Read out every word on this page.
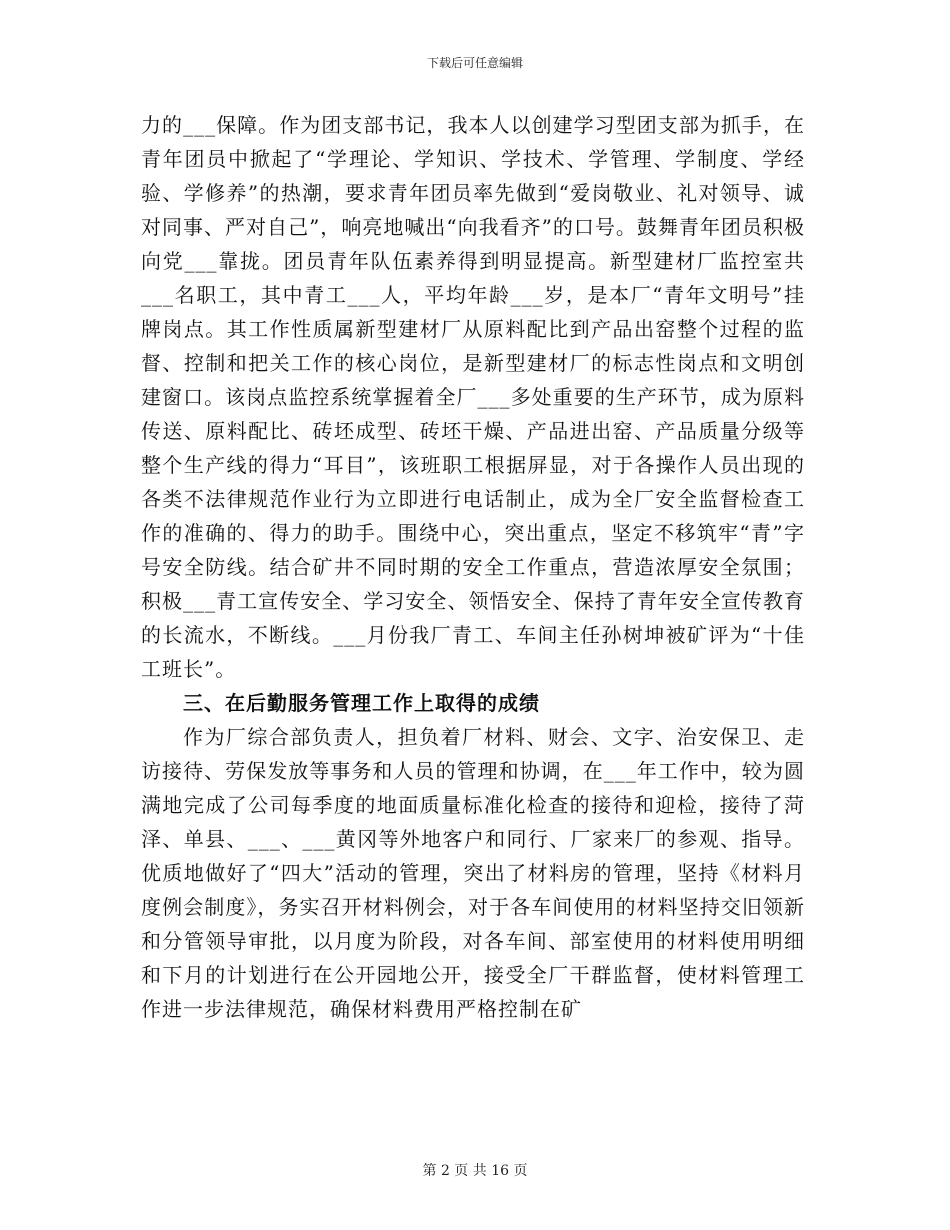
下载后可任意编辑

力的___保障。作为团支部书记，我本人以创建学习型团支部为抓手，在青年团员中掀起了“学理论、学知识、学技术、学管理、学制度、学经验、学修养”的热潮，要求青年团员率先做到“爱岗敬业、礼对领导、诚对同事、严对自己”，响亮地喊出“向我看齐”的口号。鼓舞青年团员积极向党___靠拢。团员青年队伍素养得到明显提高。新型建材厂监控室共___名职工，其中青工___人，平均年龄___岁，是本厂“青年文明号”挂牌岗点。其工作性质属新型建材厂从原料配比到产品出窑整个过程的监督、控制和把关工作的核心岗位，是新型建材厂的标志性岗点和文明创建窗口。该岗点监控系统掌握着全厂___多处重要的生产环节，成为原料传送、原料配比、砖坯成型、砖坯干燥、产品进出窑、产品质量分级等整个生产线的得力“耳目”，该班职工根据屏显，对于各操作人员出现的各类不法律规范作业行为立即进行电话制止，成为全厂安全监督检查工作的准确的、得力的助手。围绕中心，突出重点，坚定不移筑牢“青”字号安全防线。结合矿井不同时期的安全工作重点，营造浓厚安全氛围；积极___青工宣传安全、学习安全、领悟安全、保持了青年安全宣传教育的长流水，不断线。___月份我厂青工、车间主任孙树坤被矿评为“十佳工班长”。

三、在后勤服务管理工作上取得的成绩

作为厂综合部负责人，担负着厂材料、财会、文字、治安保卫、走访接待、劳保发放等事务和人员的管理和协调，在___年工作中，较为圆满地完成了公司每季度的地面质量标准化检查的接待和迎检，接待了菏泽、单县、___、___黄冈等外地客户和同行、厂家来厂的参观、指导。优质地做好了“四大”活动的管理，突出了材料房的管理，坚持《材料月度例会制度》，务实召开材料例会，对于各车间使用的材料坚持交旧领新和分管领导审批，以月度为阶段，对各车间、部室使用的材料使用明细和下月的计划进行在公开园地公开，接受全厂干群监督，使材料管理工作进一步法律规范，确保材料费用严格控制在矿

第 2 页 共 16 页
